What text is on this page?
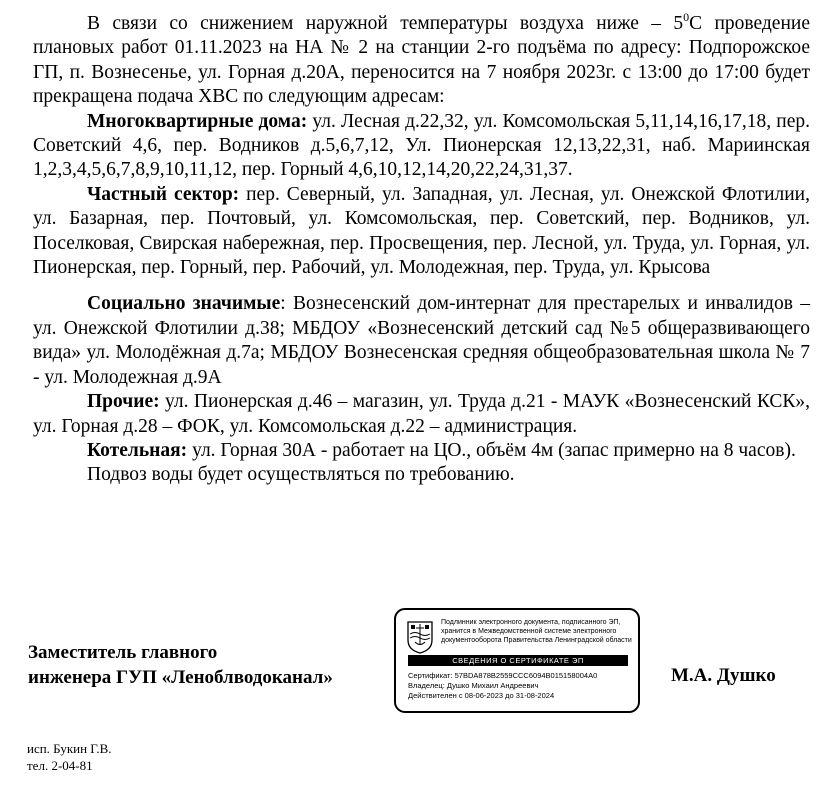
В связи со снижением наружной температуры воздуха ниже – $5^0С$ проведение плановых работ 01.11.2023 на НА № 2 на станции 2-го подъёма по адресу: Подпорожское ГП, п. Вознесенье, ул. Горная д.20А, переносится на 7 ноября 2023г. с 13:00 до 17:00 будет прекращена подача ХВС по следующим адресам:

Многоквартирные дома: ул. Лесная д.22,32, ул. Комсомольская 5,11,14,16,17,18, пер. Советский 4,6, пер. Водников д.5,6,7,12, Ул. Пионерская 12,13,22,31, наб. Мариинская 1,2,3,4,5,6,7,8,9,10,11,12, пер. Горный 4,6,10,12,14,20,22,24,31,37.

Частный сектор: пер. Северный, ул. Западная, ул. Лесная, ул. Онежской Флотилии, ул. Базарная, пер. Почтовый, ул. Комсомольская, пер. Советский, пер. Водников, ул. Поселковая, Свирская набережная, пер. Просвещения, пер. Лесной, ул. Труда, ул. Горная, ул. Пионерская, пер. Горный, пер. Рабочий, ул. Молодежная, пер. Труда, ул. Крысова

Социально значимые: Вознесенский дом-интернат для престарелых и инвалидов –ул. Онежской Флотилии д.38; МБДОУ «Вознесенский детский сад №5 общеразвивающего вида» ул. Молодёжная д.7а; МБДОУ Вознесенская средняя общеобразовательная школа № 7 - ул. Молодежная д.9А

Прочие: ул. Пионерская д.46 – магазин, ул. Труда д.21 - МАУК «Вознесенский КСК», ул. Горная д.28 – ФОК, ул. Комсомольская д.22 – администрация.

Котельная: ул. Горная 30А - работает на ЦО., объём 4м (запас примерно на 8 часов).

Подвоз воды будет осуществляться по требованию.

Заместитель главного
инженера ГУП «Леноблводоканал»
Подлинник электронного документа, подписанного ЭП,
хранится в Межведомственной системе электронного
документооборота Правительства Ленинградской области
СВЕДЕНИЯ О СЕРТИФИКАТЕ ЭП
Сертификат: 57BDA878B2559CCC6094B015158004A0
Владелец: Душко Михаил Андреевич
Действителен с 08-06-2023 до 31-08-2024
М.А. Душко
исп. Букин Г.В.
тел. 2-04-81
